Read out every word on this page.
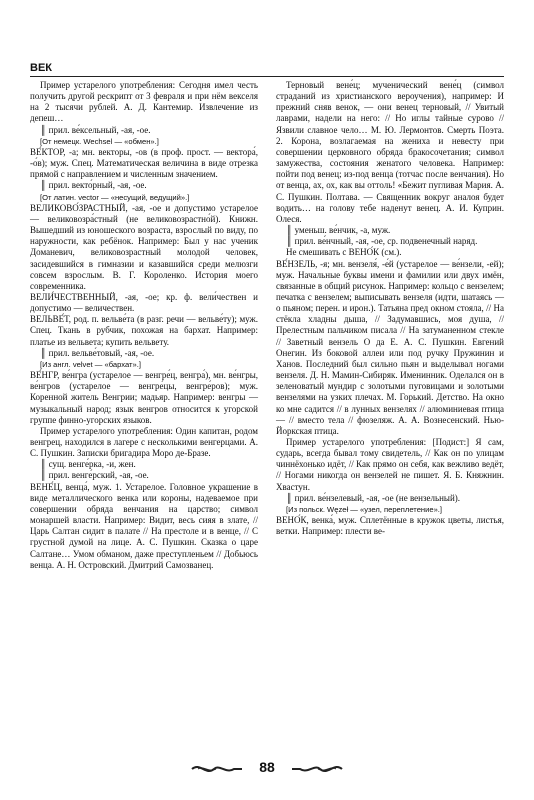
ВЕК

Пример устарелого употребления: Сегодня имел честь получить другой рескрипт от 3 февраля и при нём векселя на 2 тысячи рублей. А. Д. Кантемир. Извлечение из депеш…

║ прил. ве́ксельный, -ая, -ое.

[От немецк. Wechsel — «обмен».]

ВЕ́КТОР, -а; мн. векторы, -ов (в проф. прост. — вектора́, -о́в); муж. Спец. Математическая величина в виде отрезка прямой с направлением и численным значением.

║ прил. векто́рный, -ая, -ое.

[От латин. vector — «несущий, ведущий».]

ВЕЛИКОВО́ЗРАСТНЫЙ, -ая, -ое и допустимо устарелое — великовозра́стный (не великовозрастно́й). Книжн. Вышедший из юношеского возраста, взрослый по виду, по наружности, как ребёнок. Например: Был у нас ученик Доманевич, великовозрастный молодой человек, засидевшийся в гимназии и казавшийся среди мелюзги совсем взрослым. В. Г. Короленко. История моего современника.

ВЕЛИ́ЧЕСТВЕННЫЙ, -ая, -ое; кр. ф. вели́чествен и допустимо — величествен.

ВЕЛЬВЕ́Т, род. п. вельве́та (в разг. речи — вельве́ту); муж. Спец. Ткань в рубчик, похожая на бархат. Например: платье из вельвета; купить вельвету.

║ прил. вельве́товый, -ая, -ое.

[Из англ. velvet — «бархат».]

ВЕ́НГР, ве́нгра (устарелое — венгре́ц, венгра́), мн. ве́нгры, ве́нгров (устарелое — венгре́цы, венгре́ров); муж. Коренной житель Венгрии; мадьяр. Например: венгры — музыкальный народ; язык венгров относится к угорской группе финно-угорских языков.

Пример устарелого употребления: Один капитан, родом венгрец, находился в лагере с несколькими венгерцами. А. С. Пушкин. Записки бригадира Моро де-Бразе.

║ сущ. венге́рка, -и, жен.

║ прил. венге́рский, -ая, -ое.

ВЕНЕ́Ц, венца́, муж. 1. Устарелое. Головное украшение в виде металлического венка или короны, надеваемое при совершении обряда венчания на царство; символ монаршей власти. Например: Видит, весь сияя в злате, // Царь Салтан сидит в палате // На престоле и в венце, // С грустной думой на лице. А. С. Пушкин. Сказка о царе Салтане… Умом обманом, даже преступленьем // Добьюсь венца. А. Н. Островский. Дмитрий Самозванец.

Терновый вене́ц; мученический вене́ц (символ страданий из христианского вероучения), например: И прежний сняв венок, — они венец терновый, // Увитый лаврами, надели на него: // Но иглы тайные сурово // Язвили славное чело… М. Ю. Лермонтов. Смерть Поэта. 2. Корона, возлагаемая на жениха и невесту при совершении церковного обряда бракосочетания; символ замужества, состояния женатого человека. Например: пойти под венец; из-под венца (тотчас после венчания). Но от венца, ах, ох, как вы оттоль! «Бежит пугливая Мария. А. С. Пушкин. Полтава. — Священник вокруг аналоя будет водить… на голову тебе наденут венец. А. И. Куприн. Олеся.

║ уменьш. ве́нчик, -а, муж.

║ прил. ве́нчный, -ая, -ое, ср. подвенечный наряд.

Не смешивать с ВЕНО́К (см.).

ВЕ́НЗЕЛЬ, -я; мн. вензеля́, -е́й (устарелое — ве́нзели, -ей); муж. Начальные буквы имени и фамилии или двух имён, связанные в общий рисунок. Например: кольцо с вензелем; печатка с вензелем; выписывать вензеля (идти, шатаясь — о пьяном; перен. и ирон.). Татьяна пред окном стояла, // На стёкла хладны дыша, // Задумавшись, моя душа, // Прелестным пальчиком писала // На затуманенном стекле // Заветный вензель О да Е. А. С. Пушкин. Евгений Онегин. Из боковой аллеи или под ручку Пружинин и Ханов. Последний был сильно пьян и выделывал ногами вензеля. Д. Н. Мамин-Сибиряк. Именинник. Оделался он в зеленоватый мундир с золотыми пуговицами и золотыми вензелями на узких плечах. М. Горький. Детство. На окно ко мне садится // в лунных вензелях // алюминиевая птица — // вместо тела // фюзеляж. А. А. Вознесенский. Нью-Йоркская птица.

Пример устарелого употребления: [Подист:] Я сам, сударь, всегда бывал тому свидетель, // Как он по улицам чиннёхонько идёт, // Как прямо он себя, как вежливо ведёт, // Ногами никогда он вензелей не пишет. Я. Б. Княжнин. Хвастун.

║ прил. ве́нзелевый, -ая, -ое (не вензельный).

[Из польск. Węzeł — «узел, переплетение».]

ВЕНО́К, венка́, муж. Сплетённые в кружок цветы, листья, ветки. Например: плести ве-

88
